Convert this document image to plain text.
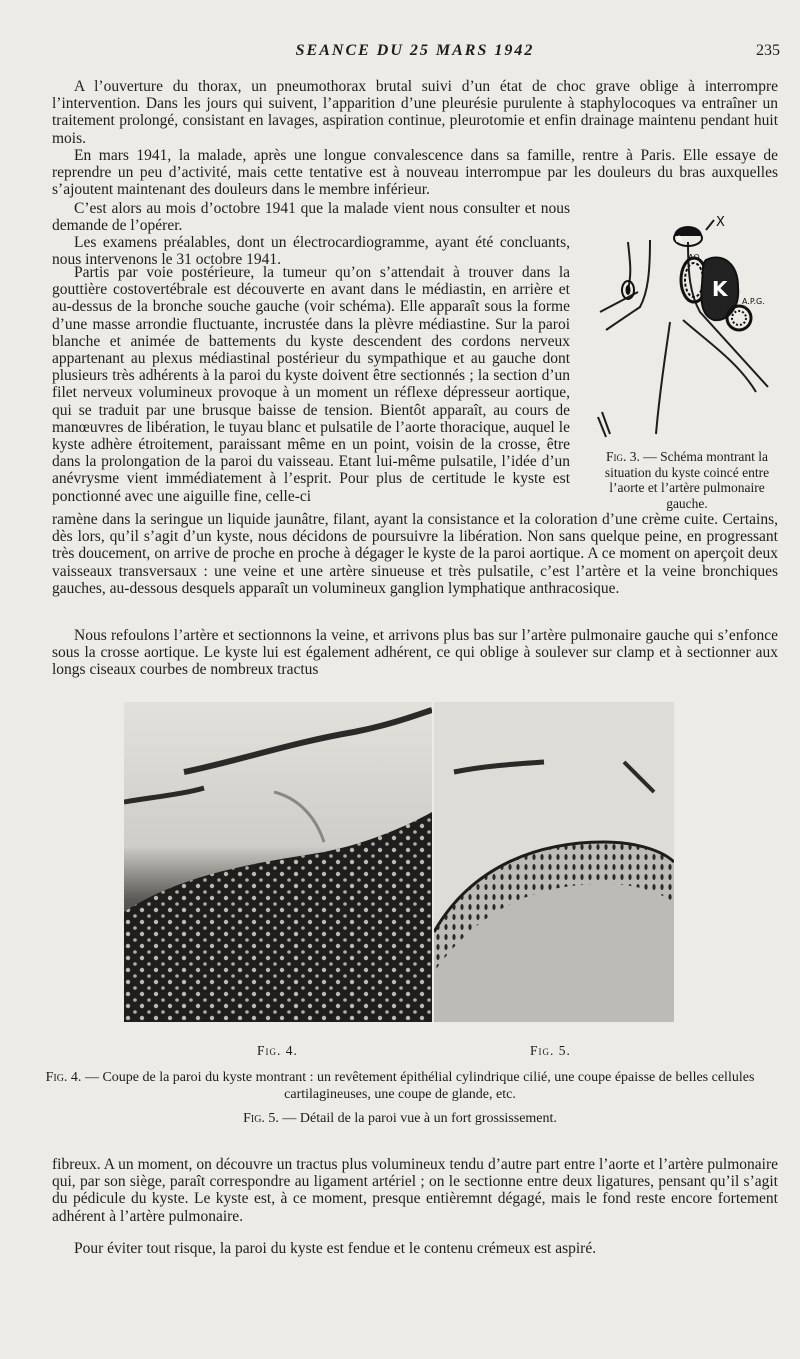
SEANCE DU 25 MARS 1942	235

A l’ouverture du thorax, un pneumothorax brutal suivi d’un état de choc grave oblige à interrompre l’intervention. Dans les jours qui suivent, l’apparition d’une pleurésie purulente à staphylocoques va entraîner un traitement prolongé, consistant en lavages, aspiration continue, pleurotomie et enfin drainage maintenu pendant huit mois.

En mars 1941, la malade, après une longue convalescence dans sa famille, rentre à Paris. Elle essaye de reprendre un peu d’activité, mais cette tentative est à nouveau interrompue par les douleurs du bras auxquelles s’ajoutent maintenant des douleurs dans le membre inférieur.

C’est alors au mois d’octobre 1941 que la malade vient nous consulter et nous demande de l’opérer.

Les examens préalables, dont un électrocardiogramme, ayant été concluants, nous intervenons le 31 octobre 1941.

Partis par voie postérieure, la tumeur qu’on s’attendait à trouver dans la gouttière costovertébrale est découverte en avant dans le médiastin, en arrière et au-dessus de la bronche souche gauche (voir schéma). Elle apparaît sous la forme d’une masse arrondie fluctuante, incrustée dans la plèvre médiastine. Sur la paroi blanche et animée de battements du kyste descendent des cordons nerveux appartenant au plexus médiastinal postérieur du sympathique et au gauche dont plusieurs très adhérents à la paroi du kyste doivent être sectionnés ; la section d’un filet nerveux volumineux provoque à un moment un réflexe dépresseur aortique, qui se traduit par une brusque baisse de tension. Bientôt apparaît, au cours de manœuvres de libération, le tuyau blanc et pulsatile de l’aorte thoracique, auquel le kyste adhère étroitement, paraissant même en un point, voisin de la crosse, être dans la prolongation de la paroi du vaisseau. Etant lui-même pulsatile, l’idée d’un anévrysme vient immédiatement à l’esprit. Pour plus de certitude le kyste est ponctionné avec une aiguille fine, celle-ci

ramène dans la seringue un liquide jaunâtre, filant, ayant la consistance et la coloration d’une crème cuite. Certains, dès lors, qu’il s’agit d’un kyste, nous décidons de poursuivre la libération. Non sans quelque peine, en progressant très doucement, on arrive de proche en proche à dégager le kyste de la paroi aortique. A ce moment on aperçoit deux vaisseaux transversaux : une veine et une artère sinueuse et très pulsatile, c’est l’artère et la veine bronchiques gauches, au-dessous desquels apparaît un volumineux ganglion lymphatique anthracosique.

Nous refoulons l’artère et sectionnons la veine, et arrivons plus bas sur l’artère pulmonaire gauche qui s’enfonce sous la crosse aortique. Le kyste lui est également adhérent, ce qui oblige à soulever sur clamp et à sectionner aux longs ciseaux courbes de nombreux tractus

X
A.
AO.
K
A.P.G.

Fig. 3. — Schéma montrant la situation du kyste coincé entre l’aorte et l’artère pulmonaire gauche.

Fig. 4.	Fig. 5.

Fig. 4. — Coupe de la paroi du kyste montrant : un revêtement épithélial cylindrique cilié, une coupe épaisse de belles cellules cartilagineuses, une coupe de glande, etc.

Fig. 5. — Détail de la paroi vue à un fort grossissement.

fibreux. A un moment, on découvre un tractus plus volumineux tendu d’autre part entre l’aorte et l’artère pulmonaire qui, par son siège, paraît correspondre au ligament artériel ; on le sectionne entre deux ligatures, pensant qu’il s’agit du pédicule du kyste. Le kyste est, à ce moment, presque entièremnt dégagé, mais le fond reste encore fortement adhérent à l’artère pulmonaire.

Pour éviter tout risque, la paroi du kyste est fendue et le contenu crémeux est aspiré.
